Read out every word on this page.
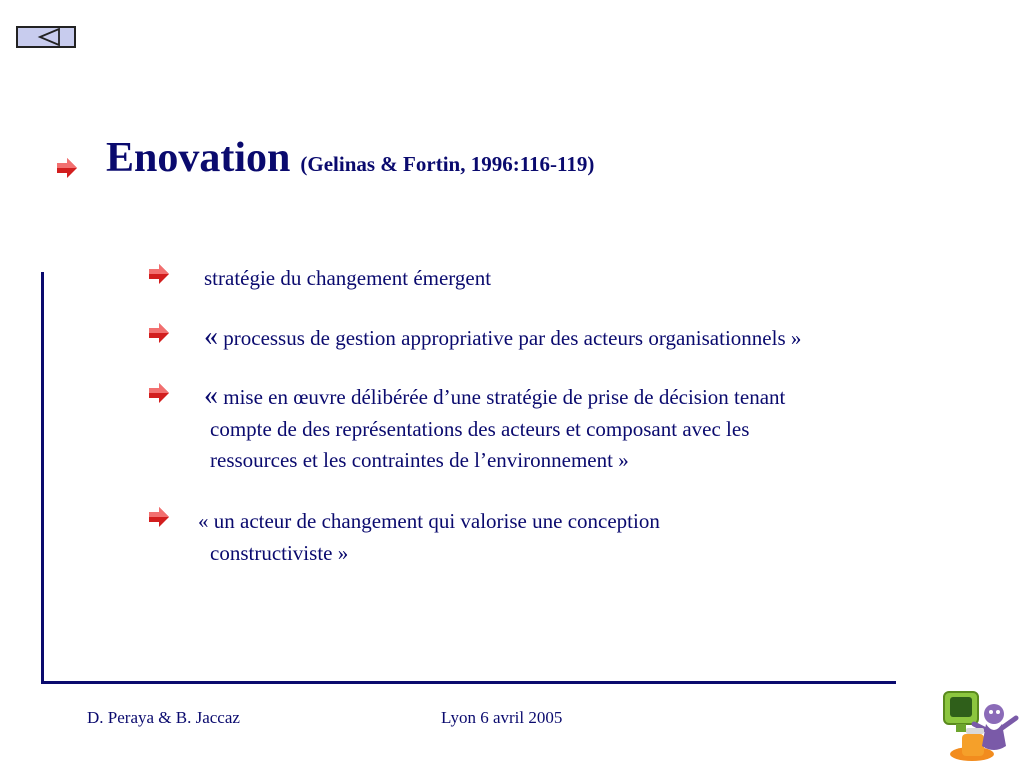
Enovation (Gelinas & Fortin, 1996:116-119)
stratégie du changement émergent
« processus de gestion appropriative par des acteurs organisationnels »
« mise en œuvre délibérée d’une stratégie de prise de décision tenant
compte de des représentations des acteurs et composant avec les
ressources et les contraintes de l’environnement »
« un acteur de changement qui valorise une conception
constructiviste »
D. Peraya & B. Jaccaz	Lyon 6 avril 2005
